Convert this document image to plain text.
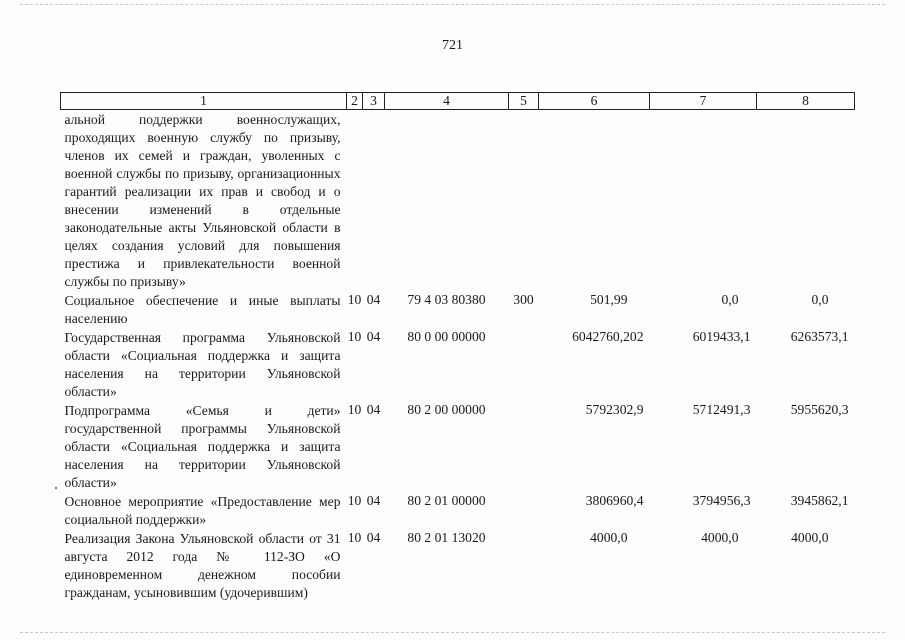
721
1	2	3	4	5	6	7	8
альной поддержки военнослужащих, проходящих военную службу по призыву, членов их семей и граждан, уволенных с военной службы по призыву, организационных гарантий реализации их прав и свобод и о внесении изменений в отдельные законодательные акты Ульяновской области в целях создания условий для повышения престижа и привлекательности военной службы по призыву»							
Социальное обеспечение и иные выплаты населению	10	04	79 4 03 80380	300	501,99	0,0	0,0
Государственная программа Ульяновской области «Социальная поддержка и защита населения на территории Ульяновской области»	10	04	80 0 00 00000		6042760,202	6019433,1	6263573,1
Подпрограмма «Семья и дети» государственной программы Ульяновской области «Социальная поддержка и защита населения на территории Ульяновской области»	10	04	80 2 00 00000		5792302,9	5712491,3	5955620,3
Основное мероприятие «Предоставление мер социальной поддержки»	10	04	80 2 01 00000		3806960,4	3794956,3	3945862,1
Реализация Закона Ульяновской области от 31 августа 2012 года № 112-ЗО «О единовременном денежном пособии гражданам, усыновившим (удочерившим)	10	04	80 2 01 13020		4000,0	4000,0	4000,0
